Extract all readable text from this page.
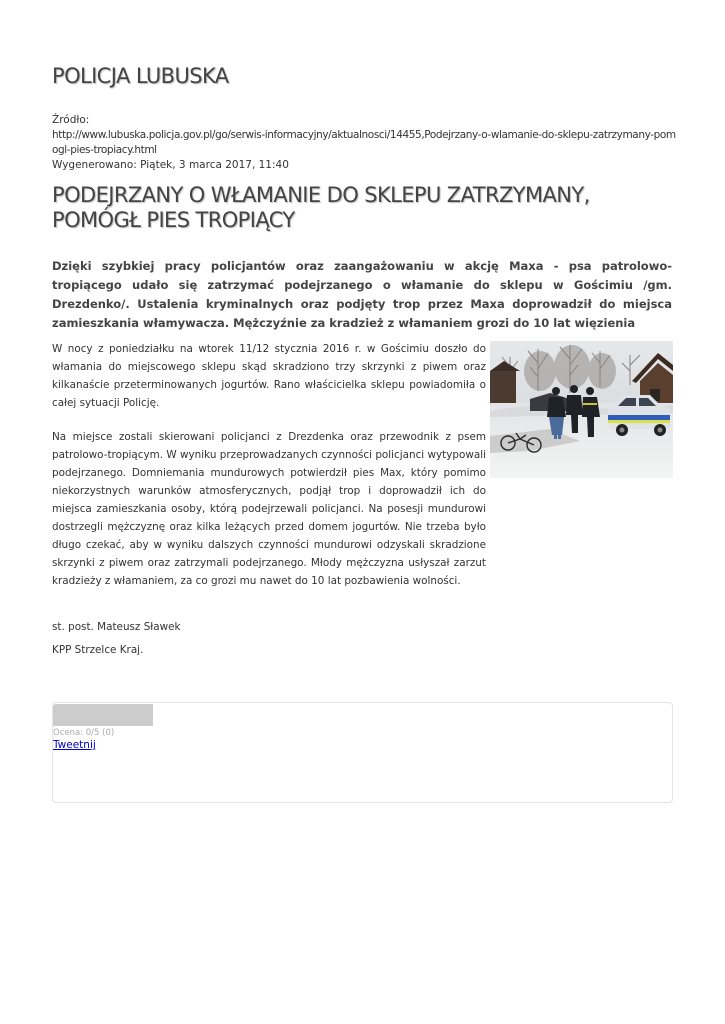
POLICJA LUBUSKA
Źródło:
http://www.lubuska.policja.gov.pl/go/serwis-informacyjny/aktualnosci/14455,Podejrzany-o-wlamanie-do-sklepu-zatrzymany-pomogl-pies-tropiacy.html
Wygenerowano: Piątek, 3 marca 2017, 11:40
PODEJRZANY O WŁAMANIE DO SKLEPU ZATRZYMANY, POMÓGŁ PIES TROPIĄCY

Dzięki szybkiej pracy policjantów oraz zaangażowaniu w akcję Maxa - psa patrolowo-tropiącego udało się zatrzymać podejrzanego o włamanie do sklepu w Gościmiu /gm. Drezdenko/. Ustalenia kryminalnych oraz podjęty trop przez Maxa doprowadził do miejsca zamieszkania włamywacza. Mężczyźnie za kradzież z włamaniem grozi do 10 lat więzienia

W nocy z poniedziałku na wtorek 11/12 stycznia 2016 r. w Gościmiu doszło do włamania do miejscowego sklepu skąd skradziono trzy skrzynki z piwem oraz kilkanaście przeterminowanych jogurtów. Rano właścicielka sklepu powiadomiła o całej sytuacji Policję.

Na miejsce zostali skierowani policjanci z Drezdenka oraz przewodnik z psem patrolowo-tropiącym. W wyniku przeprowadzanych czynności policjanci wytypowali podejrzanego. Domniemania mundurowych potwierdził pies Max, który pomimo niekorzystnych warunków atmosferycznych, podjął trop i doprowadził ich do miejsca zamieszkania osoby, którą podejrzewali policjanci. Na posesji mundurowi dostrzegli mężczyznę oraz kilka leżących przed domem jogurtów. Nie trzeba było długo czekać, aby w wyniku dalszych czynności mundurowi odzyskali skradzione skrzynki z piwem oraz zatrzymali podejrzanego. Młody mężczyzna usłyszał zarzut kradzieży z włamaniem, za co grozi mu nawet do 10 lat pozbawienia wolności.

st. post. Mateusz Sławek
KPP Strzelce Kraj.
Ocena: 0/5 (0)
Tweetnij
